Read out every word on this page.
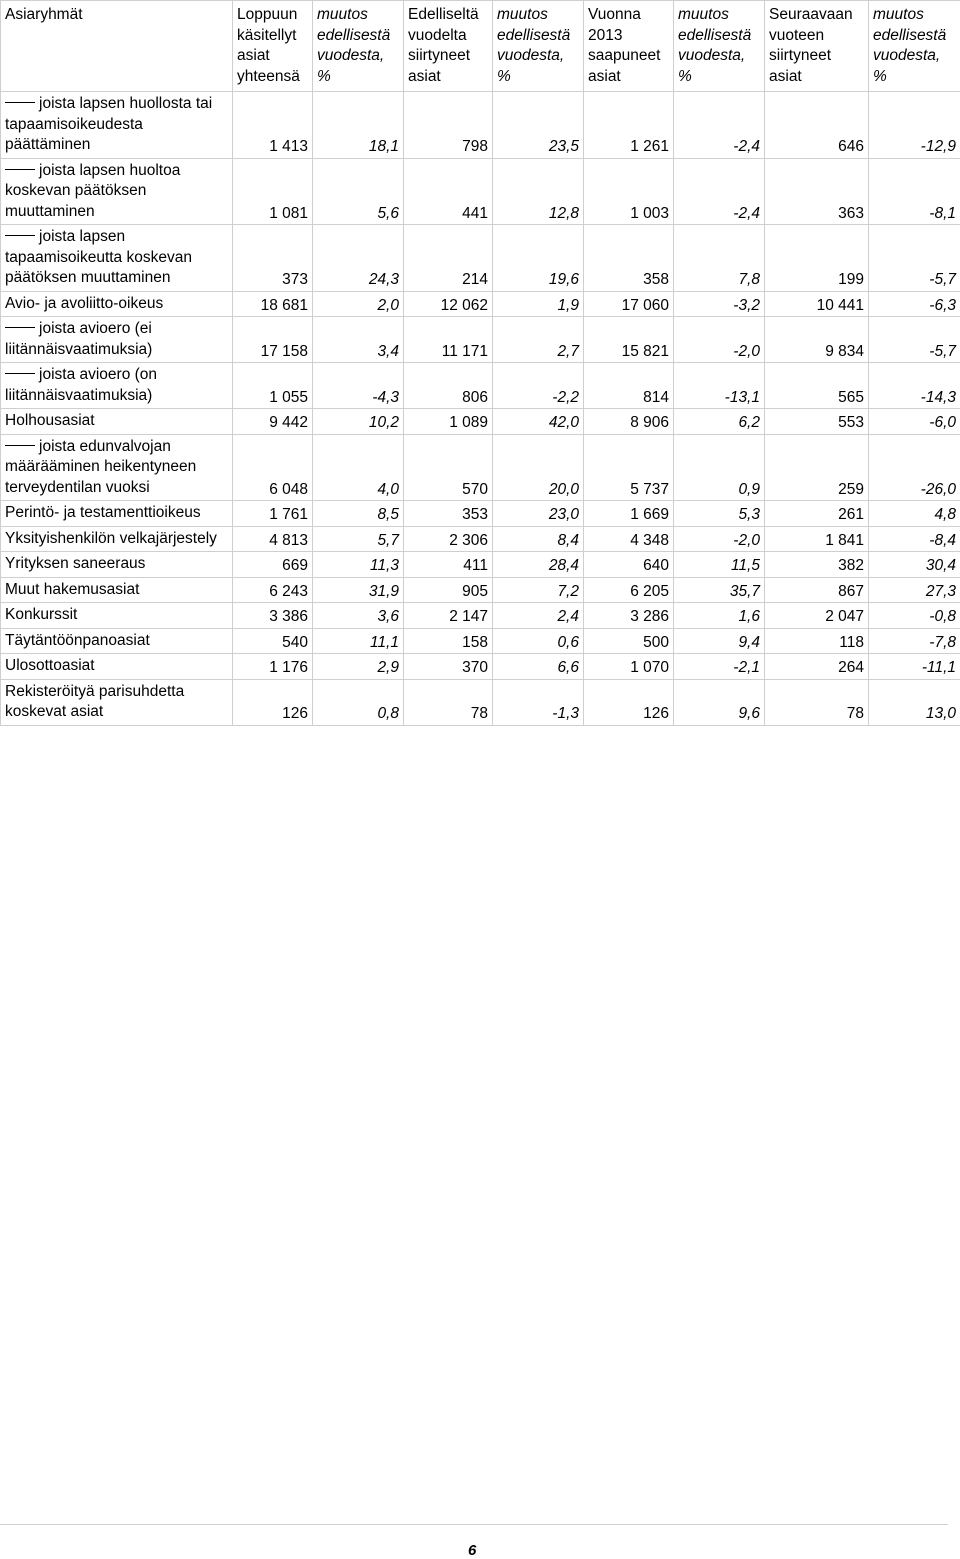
Asiaryhmät	Loppuun käsitellyt asiat yhteensä	muutos edellisestä vuodesta, %	Edelliseltä vuodelta siirtyneet asiat	muutos edellisestä vuodesta, %	Vuonna 2013 saapuneet asiat	muutos edellisestä vuodesta, %	Seuraavaan vuoteen siirtyneet asiat	muutos edellisestä vuodesta, %
joista lapsen huollosta tai tapaamisoikeudesta päättäminen	1 413	18,1	798	23,5	1 261	-2,4	646	-12,9
joista lapsen huoltoa koskevan päätöksen muuttaminen	1 081	5,6	441	12,8	1 003	-2,4	363	-8,1
joista lapsen tapaamisoikeutta koskevan päätöksen muuttaminen	373	24,3	214	19,6	358	7,8	199	-5,7
Avio- ja avoliitto-oikeus	18 681	2,0	12 062	1,9	17 060	-3,2	10 441	-6,3
joista avioero (ei liitännäisvaatimuksia)	17 158	3,4	11 171	2,7	15 821	-2,0	9 834	-5,7
joista avioero (on liitännäisvaatimuksia)	1 055	-4,3	806	-2,2	814	-13,1	565	-14,3
Holhousasiat	9 442	10,2	1 089	42,0	8 906	6,2	553	-6,0
joista edunvalvojan määrääminen heikentyneen terveydentilan vuoksi	6 048	4,0	570	20,0	5 737	0,9	259	-26,0
Perintö- ja testamenttioikeus	1 761	8,5	353	23,0	1 669	5,3	261	4,8
Yksityishenkilön velkajärjestely	4 813	5,7	2 306	8,4	4 348	-2,0	1 841	-8,4
Yrityksen saneeraus	669	11,3	411	28,4	640	11,5	382	30,4
Muut hakemusasiat	6 243	31,9	905	7,2	6 205	35,7	867	27,3
Konkurssit	3 386	3,6	2 147	2,4	3 286	1,6	2 047	-0,8
Täytäntöönpanoasiat	540	11,1	158	0,6	500	9,4	118	-7,8
Ulosottoasiat	1 176	2,9	370	6,6	1 070	-2,1	264	-11,1
Rekisteröityä parisuhdetta koskevat asiat	126	0,8	78	-1,3	126	9,6	78	13,0
6
